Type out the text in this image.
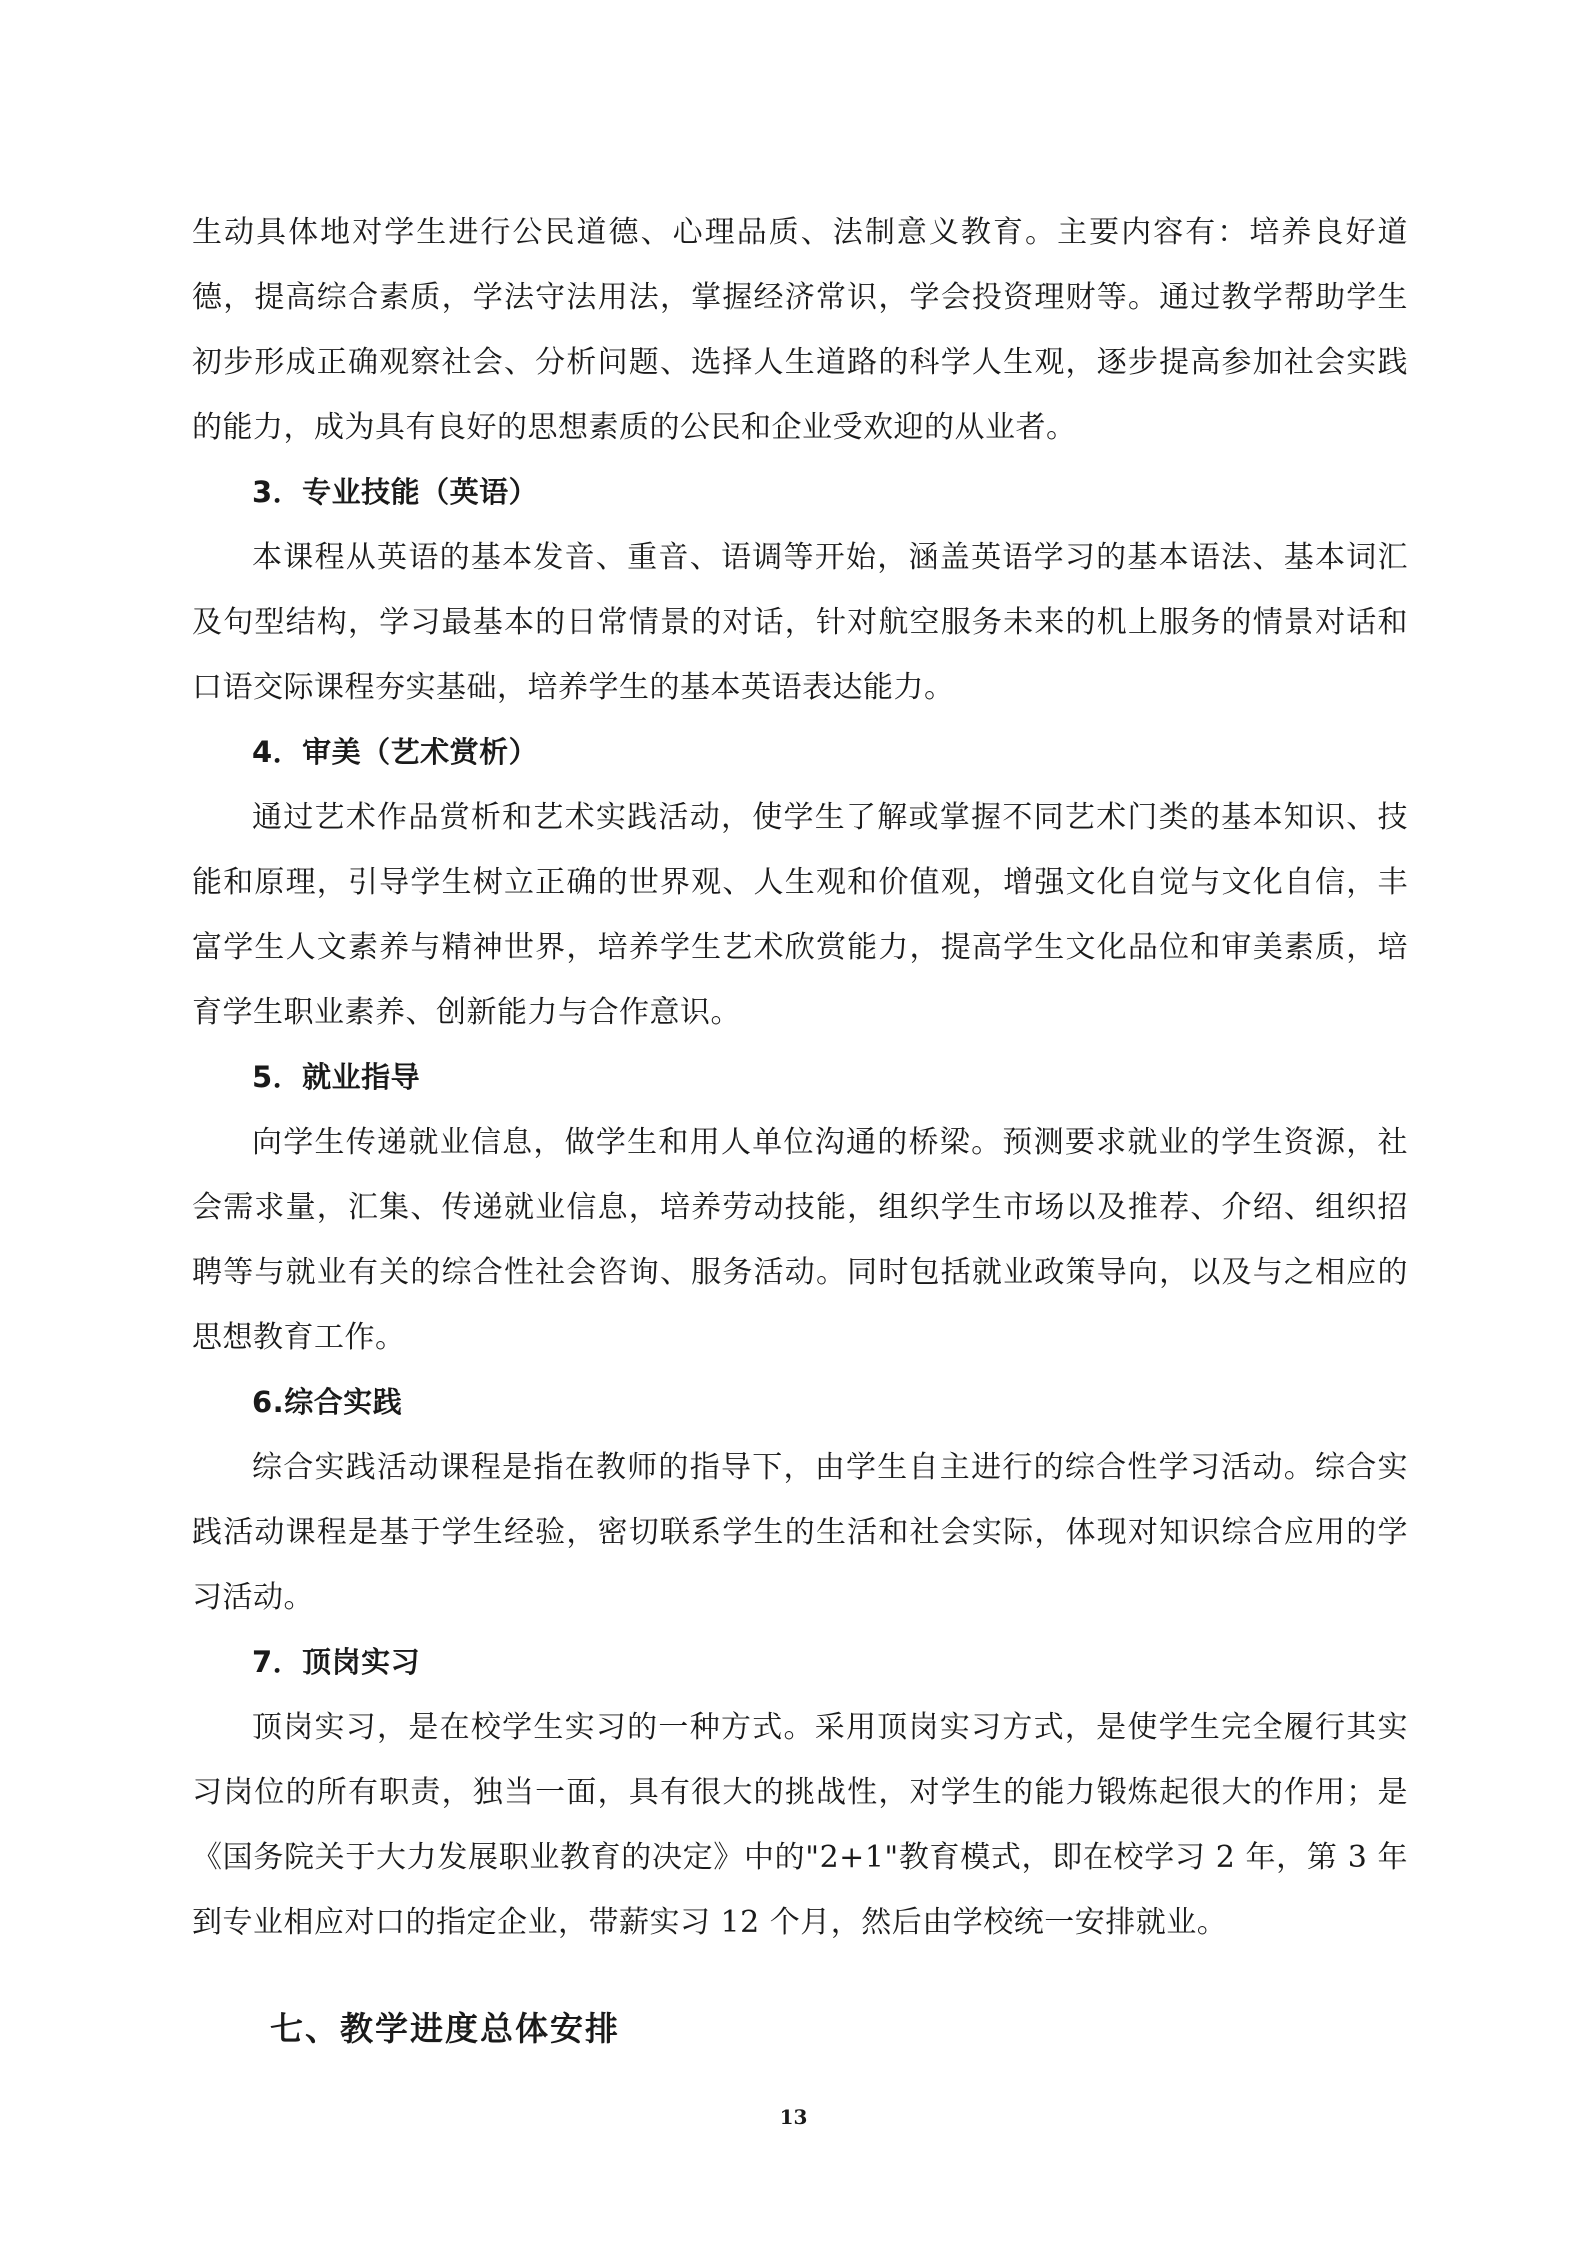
生动具体地对学生进行公民道德、心理品质、法制意义教育。主要内容有：培养良好道德，提高综合素质，学法守法用法，掌握经济常识，学会投资理财等。通过教学帮助学生初步形成正确观察社会、分析问题、选择人生道路的科学人生观，逐步提高参加社会实践的能力，成为具有良好的思想素质的公民和企业受欢迎的从业者。

3．专业技能（英语）

本课程从英语的基本发音、重音、语调等开始，涵盖英语学习的基本语法、基本词汇及句型结构，学习最基本的日常情景的对话，针对航空服务未来的机上服务的情景对话和口语交际课程夯实基础，培养学生的基本英语表达能力。

4．审美（艺术赏析）

通过艺术作品赏析和艺术实践活动，使学生了解或掌握不同艺术门类的基本知识、技能和原理，引导学生树立正确的世界观、人生观和价值观，增强文化自觉与文化自信，丰富学生人文素养与精神世界，培养学生艺术欣赏能力，提高学生文化品位和审美素质，培育学生职业素养、创新能力与合作意识。

5．就业指导

向学生传递就业信息，做学生和用人单位沟通的桥梁。预测要求就业的学生资源，社会需求量，汇集、传递就业信息，培养劳动技能，组织学生市场以及推荐、介绍、组织招聘等与就业有关的综合性社会咨询、服务活动。同时包括就业政策导向，以及与之相应的思想教育工作。

6.综合实践

综合实践活动课程是指在教师的指导下，由学生自主进行的综合性学习活动。综合实践活动课程是基于学生经验，密切联系学生的生活和社会实际，体现对知识综合应用的学习活动。

7．顶岗实习

顶岗实习，是在校学生实习的一种方式。采用顶岗实习方式，是使学生完全履行其实习岗位的所有职责，独当一面，具有很大的挑战性，对学生的能力锻炼起很大的作用；是《国务院关于大力发展职业教育的决定》中的"2+1"教育模式，即在校学习 2 年，第 3 年到专业相应对口的指定企业，带薪实习 12 个月，然后由学校统一安排就业。

七、教学进度总体安排
13
